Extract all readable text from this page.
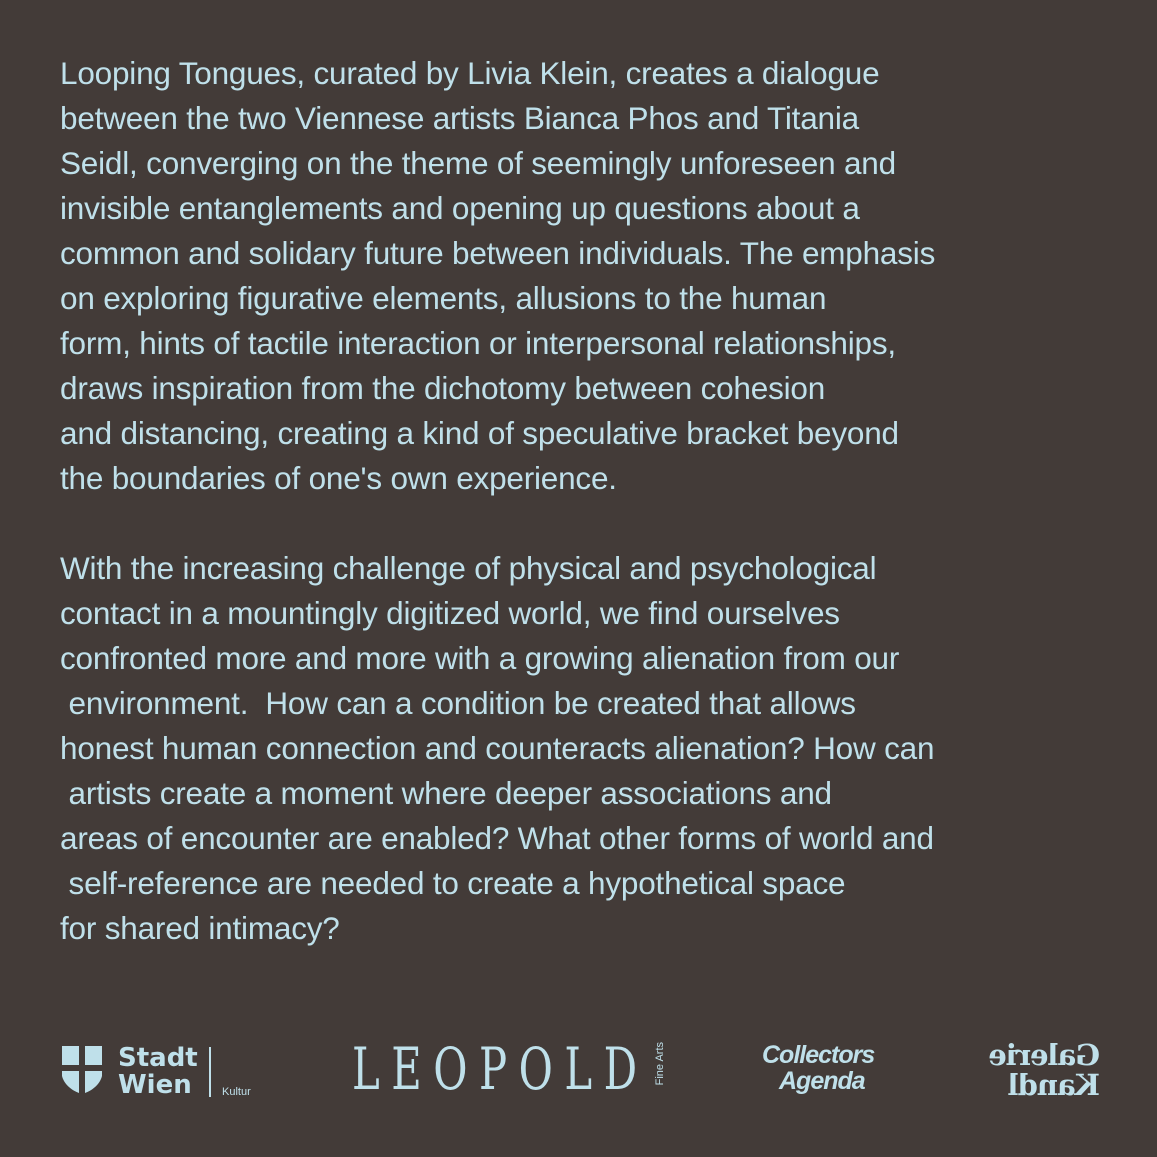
Looping Tongues, curated by Livia Klein, creates a dialogue
between the two Viennese artists Bianca Phos and Titania
Seidl, converging on the theme of seemingly unforeseen and
invisible entanglements and opening up questions about a
common and solidary future between individuals. The emphasis
on exploring figurative elements, allusions to the human
form, hints of tactile interaction or interpersonal relationships,
draws inspiration from the dichotomy between cohesion
and distancing, creating a kind of speculative bracket beyond
the boundaries of one's own experience.
With the increasing challenge of physical and psychological
contact in a mountingly digitized world, we find ourselves
confronted more and more with a growing alienation from our
environment.  How can a condition be created that allows
honest human connection and counteracts alienation? How can
artists create a moment where deeper associations and
areas of encounter are enabled? What other forms of world and
self-reference are needed to create a hypothetical space
for shared intimacy?
Stadt
Wien	Kultur LEOPOLD Fine Arts	Collectors
Agenda
Galerie
Kandl
